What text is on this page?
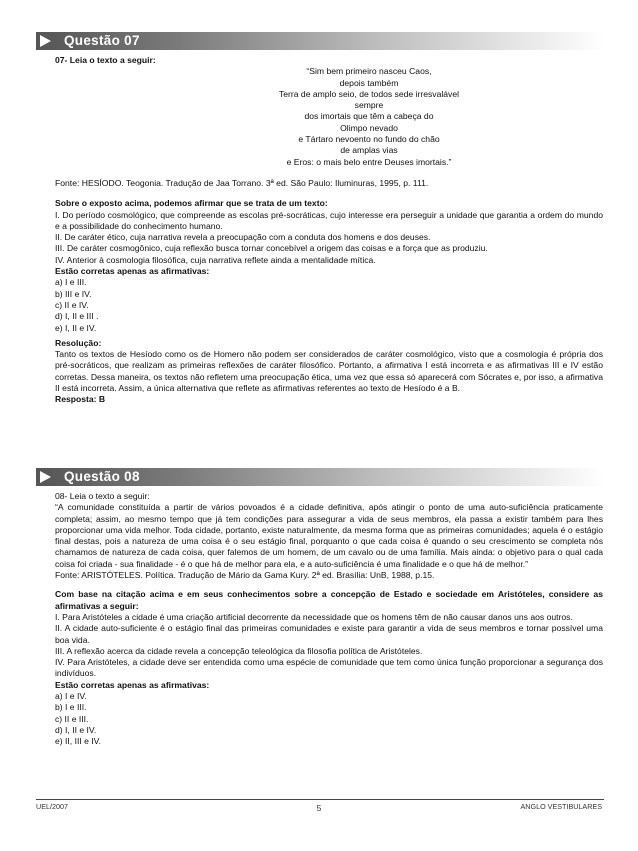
Questão 07
07- Leia o texto a seguir:
“Sim bem primeiro nasceu Caos,
depois também
Terra de amplo seio, de todos sede irresvalável
sempre
dos imortais que têm a cabeça do
Olimpo nevado
e Tártaro nevoento no fundo do chão
de amplas vias
e Eros: o mais belo entre Deuses imortais.”
Fonte: HESÍODO. Teogonia. Tradução de Jaa Torrano. 3ª ed. São Paulo: Iluminuras, 1995, p. 111.
Sobre o exposto acima, podemos afirmar que se trata de um texto:
I. Do período cosmológico, que compreende as escolas pré-socráticas, cujo interesse era perseguir a unidade que garantia a ordem do mundo e a possibilidade do conhecimento humano.
II. De caráter ético, cuja narrativa revela a preocupação com a conduta dos homens e dos deuses.
III. De caráter cosmogônico, cuja reflexão busca tornar concebível a origem das coisas e a força que as produziu.
IV. Anterior à cosmologia filosófica, cuja narrativa reflete ainda a mentalidade mítica.
Estão corretas apenas as afirmativas:
a) I e III.
b) III e IV.
c) II e IV.
d) I, II e III .
e) I, II e IV.
Resolução:
Tanto os textos de Hesíodo como os de Homero não podem ser considerados de caráter cosmológico, visto que a cosmologia é própria dos pré-socráticos, que realizam as primeiras reflexões de caráter filosófico. Portanto, a afirmativa I está incorreta e as afirmativas III e IV estão corretas. Dessa maneira, os textos não refletem uma preocupação ética, uma vez que essa só aparecerá com Sócrates e, por isso, a afirmativa II está incorreta. Assim, a única alternativa que reflete as afirmativas referentes ao texto de Hesíodo é a B.
Resposta: B
Questão 08
08- Leia o texto a seguir:
“A comunidade constituída a partir de vários povoados é a cidade definitiva, após atingir o ponto de uma auto-suficiência praticamente completa; assim, ao mesmo tempo que já tem condições para assegurar a vida de seus membros, ela passa a existir também para lhes proporcionar uma vida melhor. Toda cidade, portanto, existe naturalmente, da mesma forma que as primeiras comunidades; aquela é o estágio final destas, pois a natureza de uma coisa é o seu estágio final, porquanto o que cada coisa é quando o seu crescimento se completa nós chamamos de natureza de cada coisa, quer falemos de um homem, de um cavalo ou de uma família. Mais ainda: o objetivo para o qual cada coisa foi criada - sua finalidade - é o que há de melhor para ela, e a auto-suficiência é uma finalidade e o que há de melhor.”
Fonte: ARISTÓTELES. Política. Tradução de Mário da Gama Kury. 2ª ed. Brasília: UnB, 1988, p.15.
Com base na citação acima e em seus conhecimentos sobre a concepção de Estado e sociedade em Aristóteles, considere as afirmativas a seguir:
I. Para Aristóteles a cidade é uma criação artificial decorrente da necessidade que os homens têm de não causar danos uns aos outros.
II. A cidade auto-suficiente é o estágio final das primeiras comunidades e existe para garantir a vida de seus membros e tornar possível uma boa vida.
III. A reflexão acerca da cidade revela a concepção teleológica da filosofia política de Aristóteles.
IV. Para Aristóteles, a cidade deve ser entendida como uma espécie de comunidade que tem como única função proporcionar a segurança dos indivíduos.
Estão corretas apenas as afirmativas:
a) I e IV.
b) I e III.
c) II e III.
d) I, II e IV.
e) II, III e IV.
UEL/2007	5	ANGLO VESTIBULARES
